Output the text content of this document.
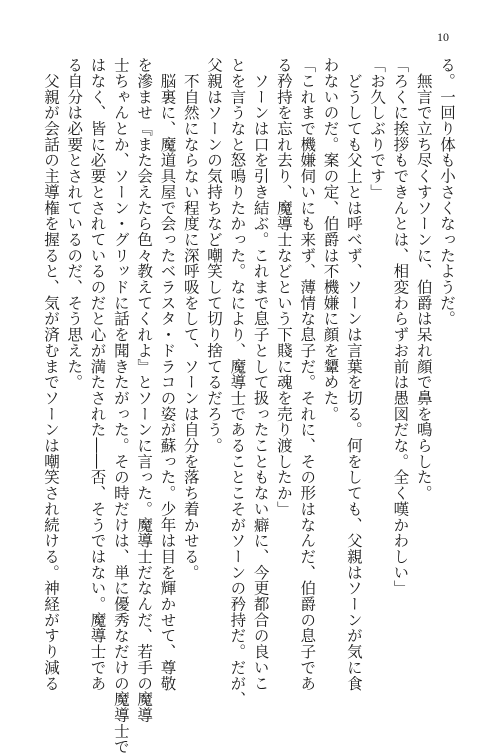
10
る。一回り体も小さくなったようだ。
　無言で立ち尽くすソーンに、伯爵は呆れ顔で鼻を鳴らした。
「ろくに挨拶もできんとは、相変わらずお前は愚図だな。全く嘆かわしい」
「お久しぶりです」
　どうしても父上とは呼べず、ソーンは言葉を切る。何をしても、父親はソーンが気に食
わないのだ。案の定、伯爵は不機嫌に顔を顰めた。
「これまで機嫌伺いにも来ず、薄情な息子だ。それに、その形はなんだ、伯爵の息子であ
る矜持を忘れ去り、魔導士などという下賤に魂を売り渡したか」
　ソーンは口を引き結ぶ。これまで息子として扱ったこともない癖に、今更都合の良いこ
とを言うなと怒鳴りたかった。なにより、魔導士であることこそがソーンの矜持だ。だが、
父親はソーンの気持ちなど嘲笑して切り捨てるだろう。
　不自然にならない程度に深呼吸をして、ソーンは自分を落ち着かせる。
　脳裏に、魔道具屋で会ったベラスタ・ドラコの姿が蘇った。少年は目を輝かせて、尊敬
を滲ませ『また会えたら色々教えてくれよ』とソーンに言った。魔導士だなんだ、若手の魔導
士ちゃんとか、ソーン・グリッドに話を聞きたがった。その時だけは、単に優秀なだけの魔導士で
はなく、皆に必要とされているのだと心が満たされた――否、そうではない。魔導士であ
る自分は必要とされているのだ、そう思えた。
　父親が会話の主導権を握ると、気が済むまでソーンは嘲笑され続ける。神経がすり減る
